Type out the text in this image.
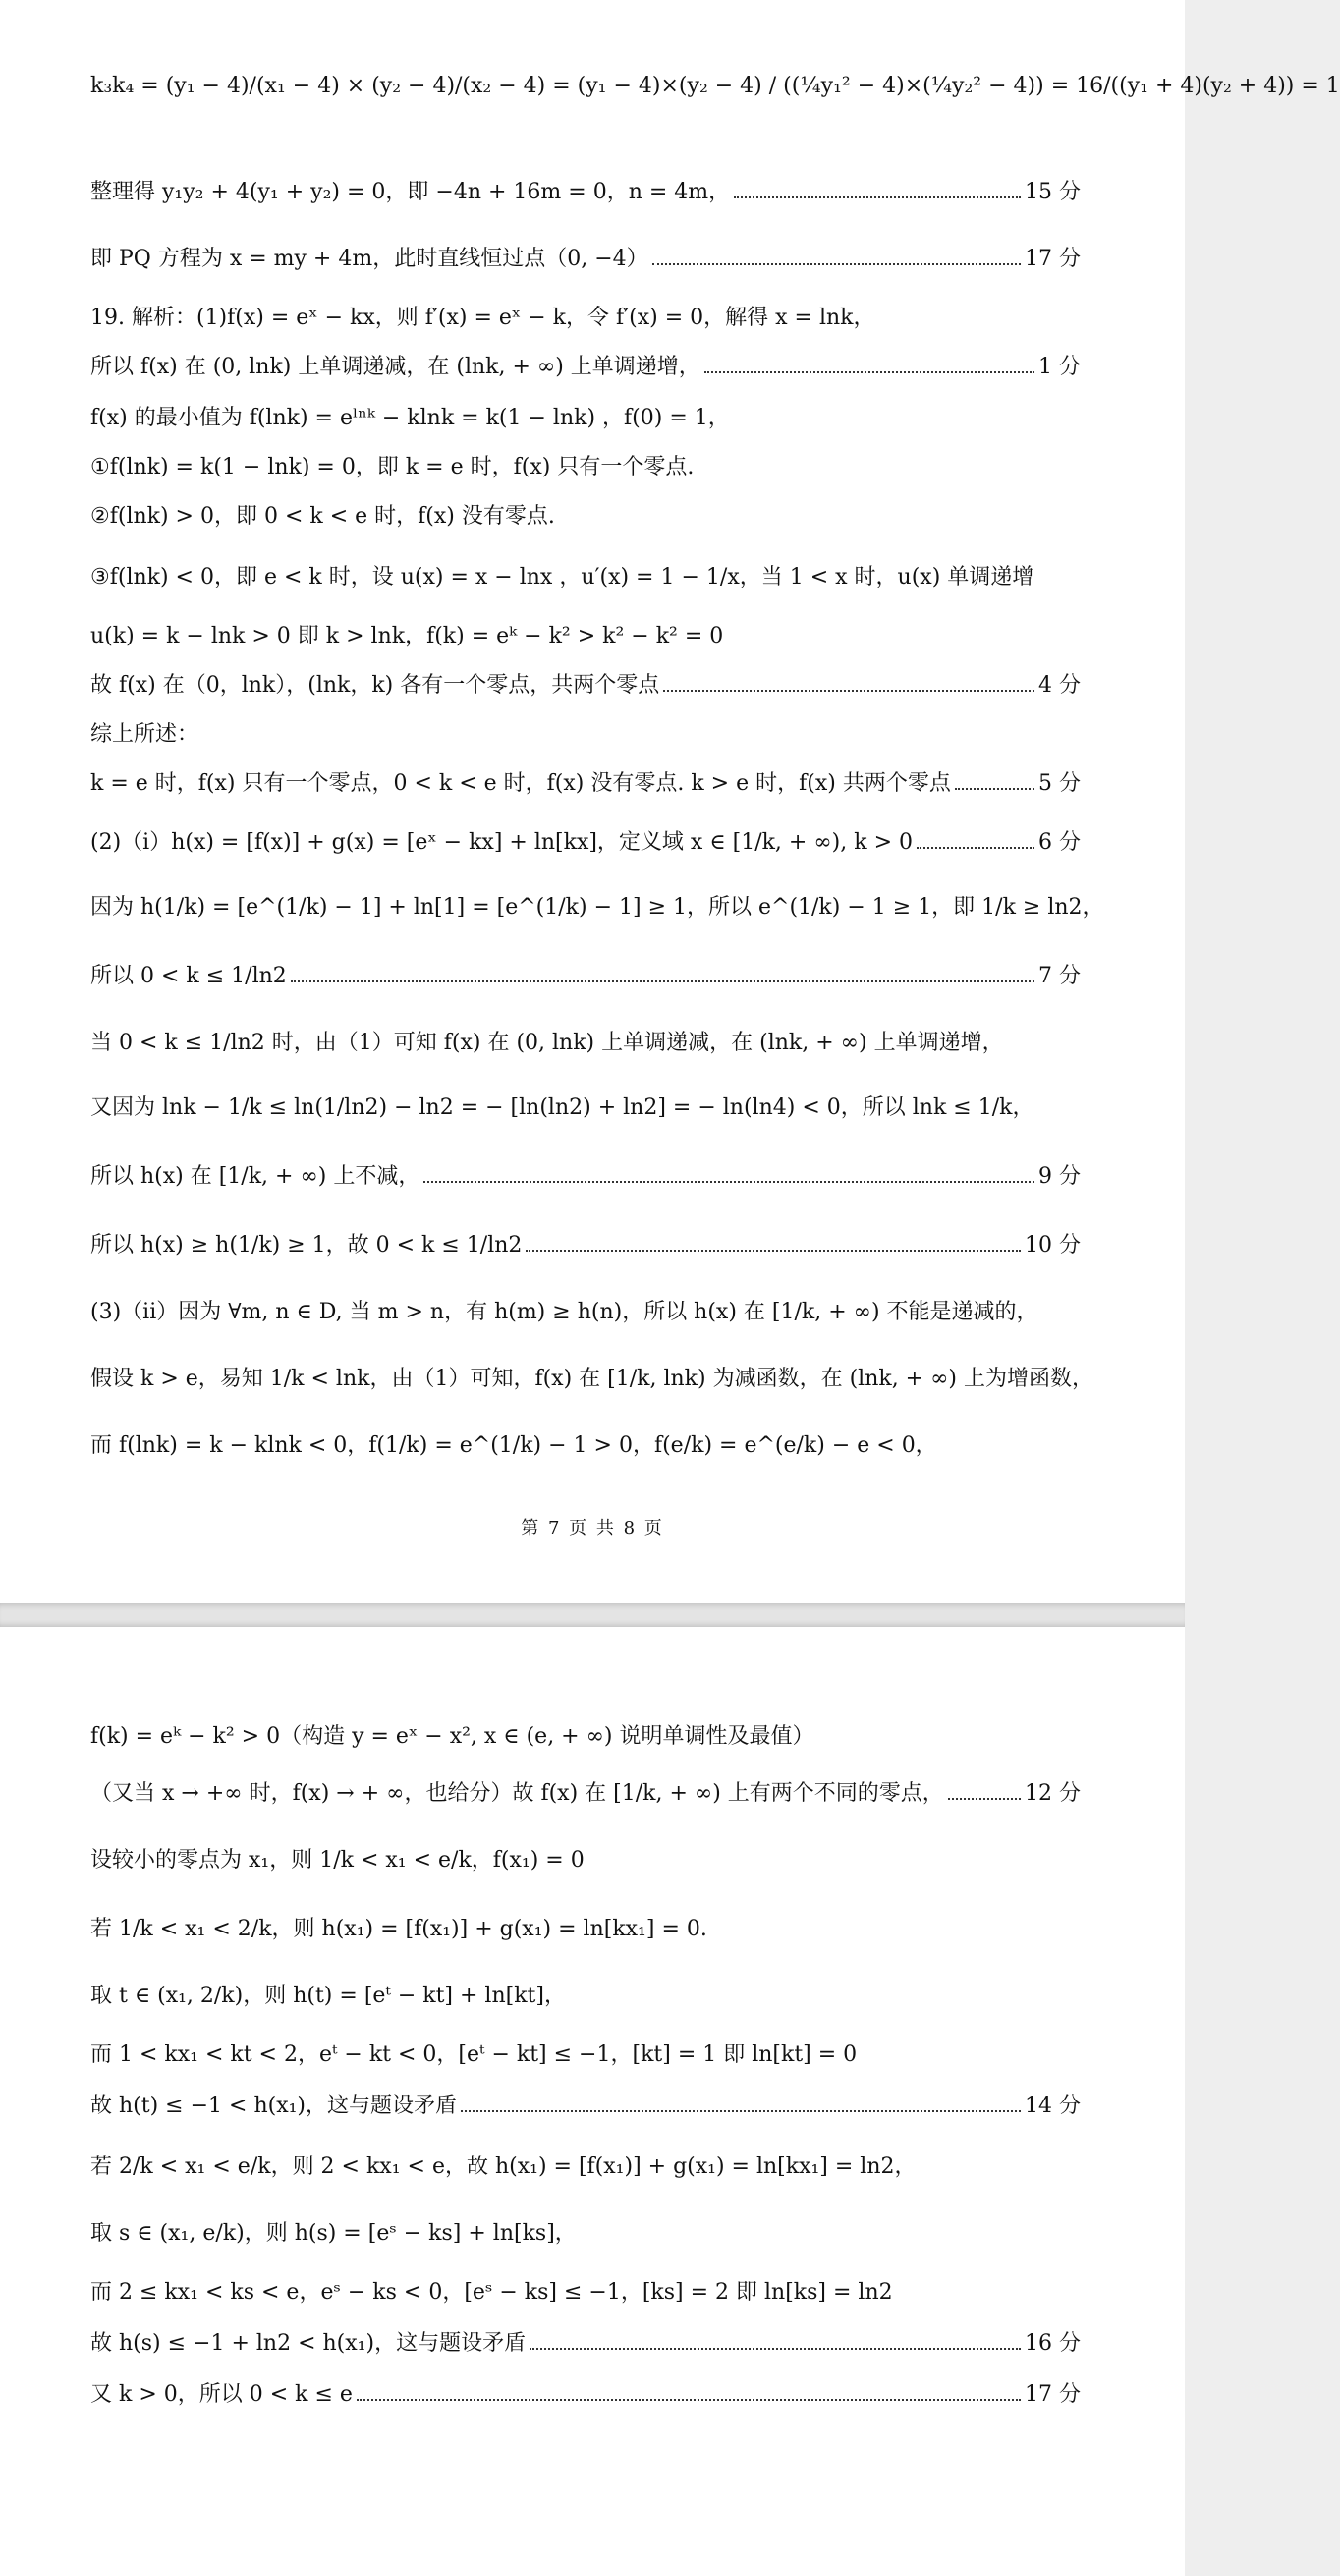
k₃k₄ = (y₁ − 4)/(x₁ − 4) × (y₂ − 4)/(x₂ − 4) = (y₁ − 4)×(y₂ − 4) / ((¼y₁² − 4)×(¼y₂² − 4)) = 16/((y₁ + 4)(y₂ + 4)) = 1
整理得 y₁y₂ + 4(y₁ + y₂) = 0，即 −4n + 16m = 0，n = 4m，	15 分
即 PQ 方程为 x = my + 4m，此时直线恒过点（0, −4）	17 分
19. 解析：(1)f(x) = eˣ − kx，则 f′(x) = eˣ − k，令 f′(x) = 0，解得 x = lnk，
所以 f(x) 在 (0, lnk) 上单调递减，在 (lnk, + ∞) 上单调递增，	1 分
f(x) 的最小值为 f(lnk) = eˡⁿᵏ − klnk = k(1 − lnk) ，f(0) = 1，
①f(lnk) = k(1 − lnk) = 0，即 k = e 时，f(x) 只有一个零点.
②f(lnk) > 0，即 0 < k < e 时，f(x) 没有零点.
③f(lnk) < 0，即 e < k 时，设 u(x) = x − lnx ，u′(x) = 1 − 1/x，当 1 < x 时，u(x) 单调递增
u(k) = k − lnk > 0 即 k > lnk，f(k) = eᵏ − k² > k² − k² = 0
故 f(x) 在（0，lnk），(lnk，k) 各有一个零点，共两个零点	4 分
综上所述：
k = e 时，f(x) 只有一个零点，0 < k < e 时，f(x) 没有零点. k > e 时，f(x) 共两个零点	5 分
(2)（i）h(x) = [f(x)] + g(x) = [eˣ − kx] + ln[kx]，定义域 x ∈ [1/k, + ∞), k > 0	6 分
因为 h(1/k) = [e^(1/k) − 1] + ln[1] = [e^(1/k) − 1] ≥ 1，所以 e^(1/k) − 1 ≥ 1，即 1/k ≥ ln2，
所以 0 < k ≤ 1/ln2	7 分
当 0 < k ≤ 1/ln2 时，由（1）可知 f(x) 在 (0, lnk) 上单调递减，在 (lnk, + ∞) 上单调递增，
又因为 lnk − 1/k ≤ ln(1/ln2) − ln2 = − [ln(ln2) + ln2] = − ln(ln4) < 0，所以 lnk ≤ 1/k，
所以 h(x) 在 [1/k, + ∞) 上不减，	9 分
所以 h(x) ≥ h(1/k) ≥ 1，故 0 < k ≤ 1/ln2	10 分
(3)（ii）因为 ∀m, n ∈ D, 当 m > n，有 h(m) ≥ h(n)，所以 h(x) 在 [1/k, + ∞) 不能是递减的，
假设 k > e，易知 1/k < lnk，由（1）可知，f(x) 在 [1/k, lnk) 为减函数，在 (lnk, + ∞) 上为增函数，
而 f(lnk) = k − klnk < 0，f(1/k) = e^(1/k) − 1 > 0，f(e/k) = e^(e/k) − e < 0，
第 7 页 共 8 页
f(k) = eᵏ − k² > 0（构造 y = eˣ − x², x ∈ (e, + ∞) 说明单调性及最值）
（又当 x → +∞ 时，f(x) → + ∞，也给分）故 f(x) 在 [1/k, + ∞) 上有两个不同的零点，	12 分
设较小的零点为 x₁，则 1/k < x₁ < e/k，f(x₁) = 0
若 1/k < x₁ < 2/k，则 h(x₁) = [f(x₁)] + g(x₁) = ln[kx₁] = 0.
取 t ∈ (x₁, 2/k)，则 h(t) = [eᵗ − kt] + ln[kt]，
而 1 < kx₁ < kt < 2，eᵗ − kt < 0，[eᵗ − kt] ≤ −1，[kt] = 1 即 ln[kt] = 0
故 h(t) ≤ −1 < h(x₁)，这与题设矛盾	14 分
若 2/k < x₁ < e/k，则 2 < kx₁ < e，故 h(x₁) = [f(x₁)] + g(x₁) = ln[kx₁] = ln2，
取 s ∈ (x₁, e/k)，则 h(s) = [eˢ − ks] + ln[ks]，
而 2 ≤ kx₁ < ks < e，eˢ − ks < 0，[eˢ − ks] ≤ −1，[ks] = 2 即 ln[ks] = ln2
故 h(s) ≤ −1 + ln2 < h(x₁)，这与题设矛盾	16 分
又 k > 0，所以 0 < k ≤ e	17 分
